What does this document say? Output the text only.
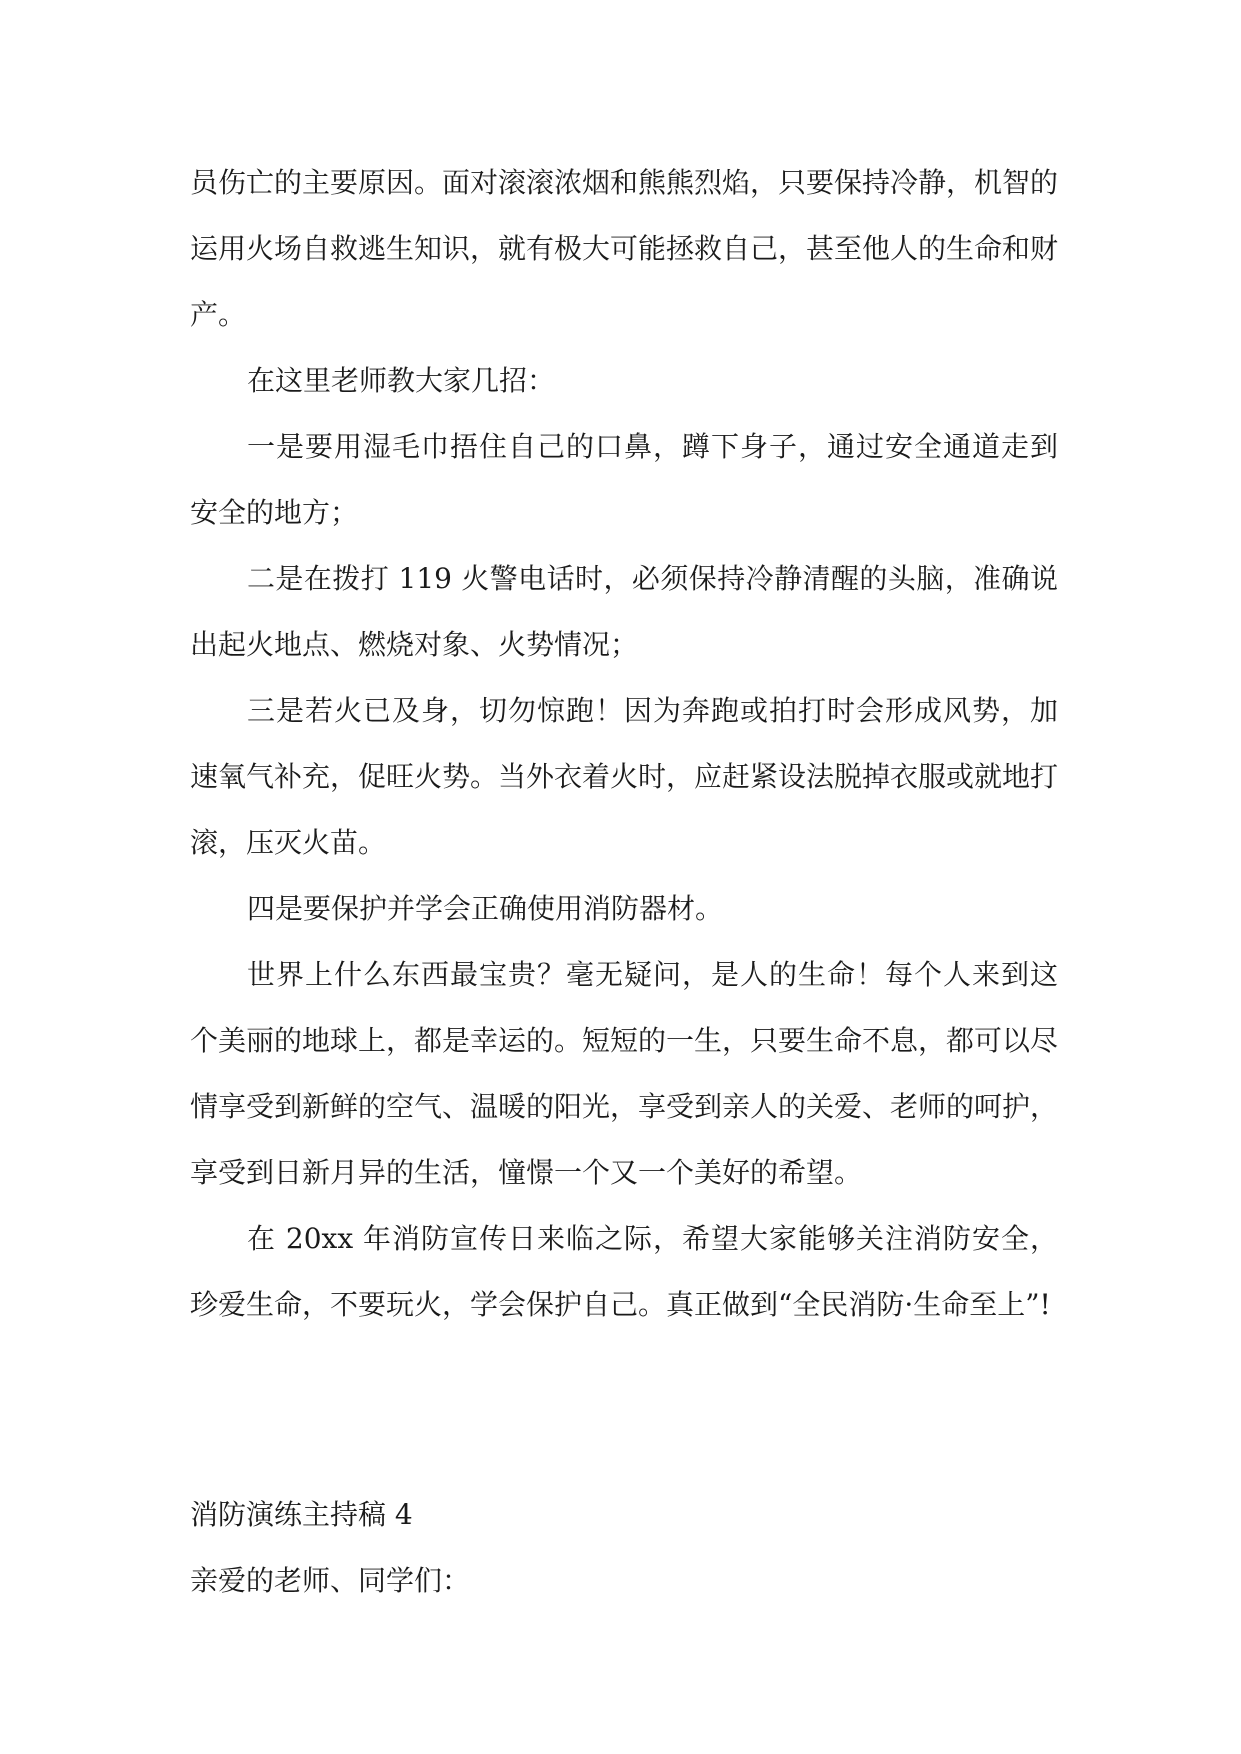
员伤亡的主要原因。面对滚滚浓烟和熊熊烈焰，只要保持冷静，机智的运用火场自救逃生知识，就有极大可能拯救自己，甚至他人的生命和财产。

在这里老师教大家几招：

一是要用湿毛巾捂住自己的口鼻，蹲下身子，通过安全通道走到安全的地方；

二是在拨打 119 火警电话时，必须保持冷静清醒的头脑，准确说出起火地点、燃烧对象、火势情况；

三是若火已及身，切勿惊跑！因为奔跑或拍打时会形成风势，加速氧气补充，促旺火势。当外衣着火时，应赶紧设法脱掉衣服或就地打滚，压灭火苗。

四是要保护并学会正确使用消防器材。

世界上什么东西最宝贵？毫无疑问，是人的生命！每个人来到这个美丽的地球上，都是幸运的。短短的一生，只要生命不息，都可以尽情享受到新鲜的空气、温暖的阳光，享受到亲人的关爱、老师的呵护，享受到日新月异的生活，憧憬一个又一个美好的希望。

在 20xx 年消防宣传日来临之际，希望大家能够关注消防安全，珍爱生命，不要玩火，学会保护自己。真正做到“全民消防·生命至上”!

消防演练主持稿 4

亲爱的老师、同学们：
